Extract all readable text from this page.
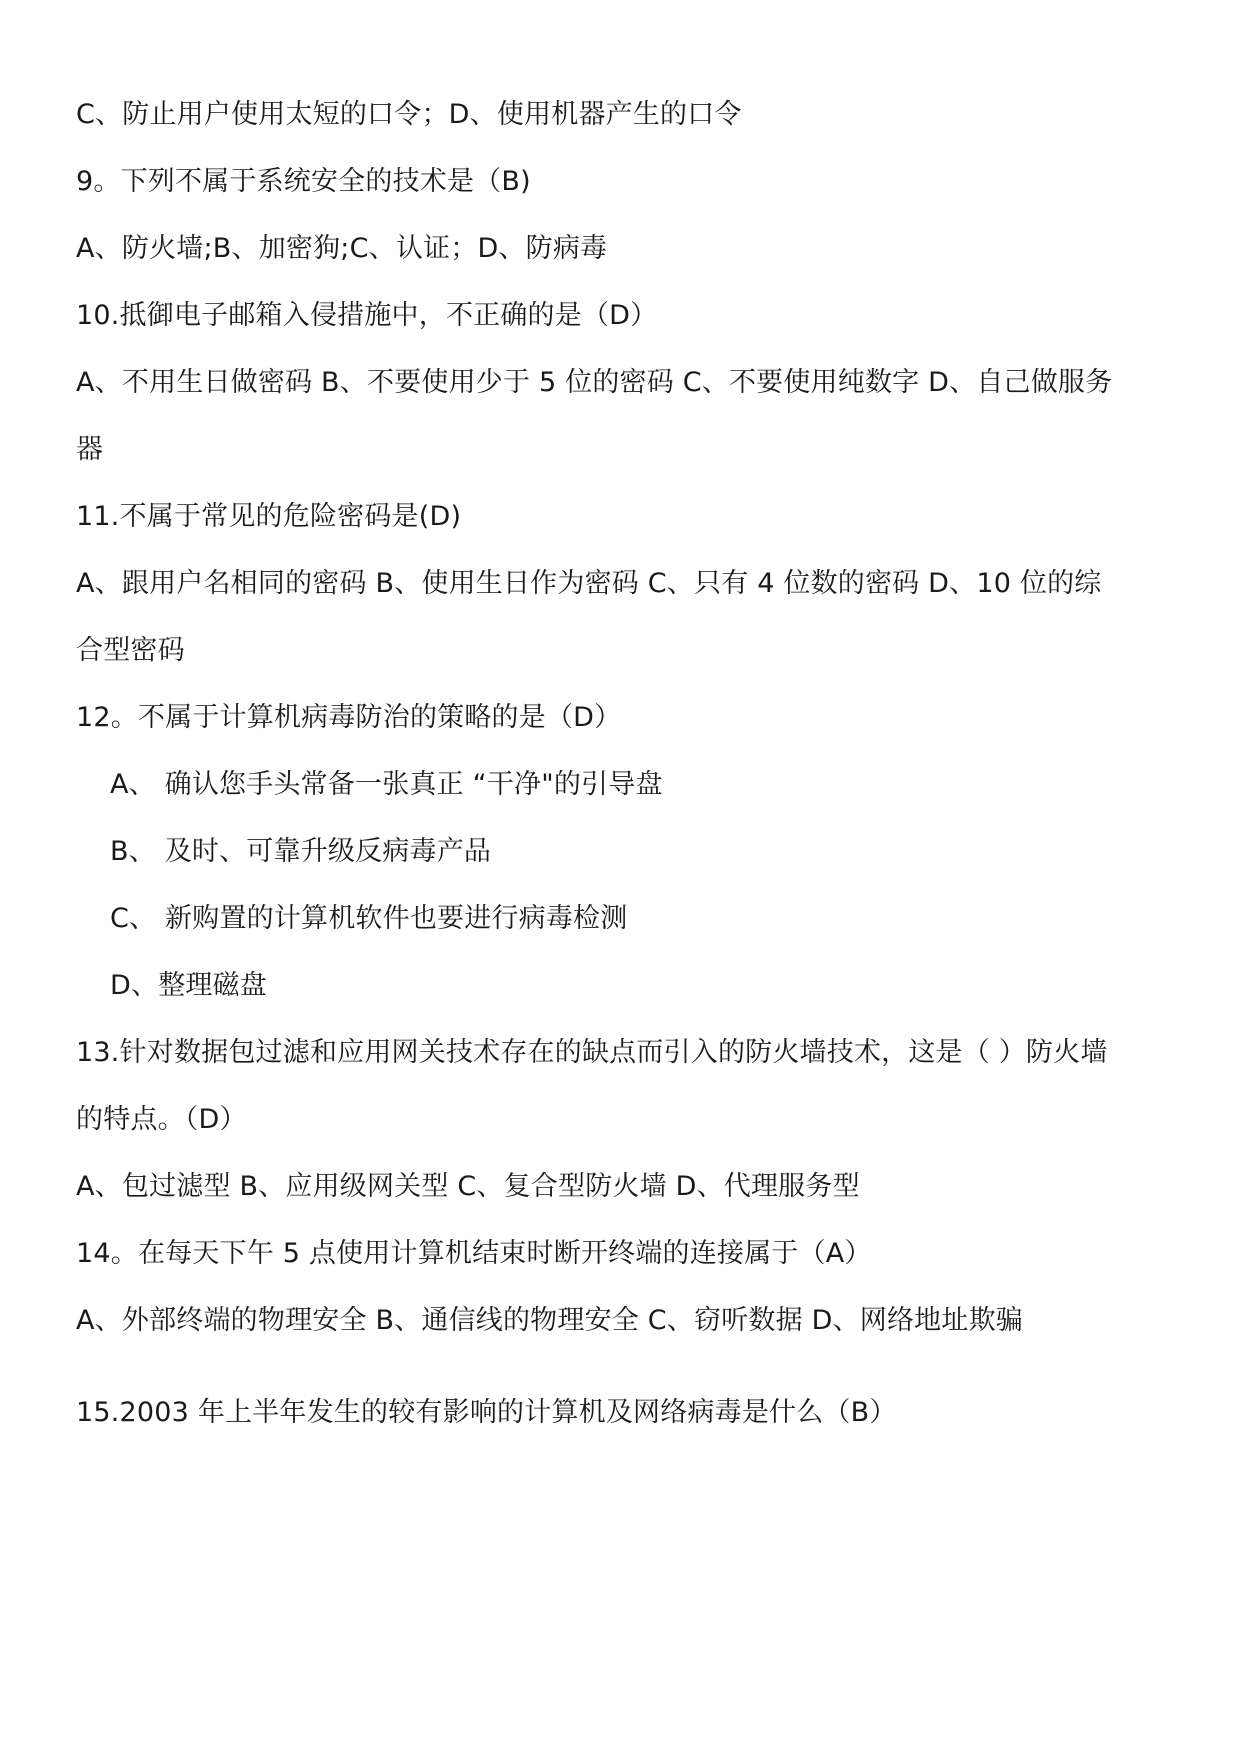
C、防止用户使用太短的口令；D、使用机器产生的口令
9。下列不属于系统安全的技术是（B)
A、防火墙;B、加密狗;C、认证；D、防病毒
10.抵御电子邮箱入侵措施中，不正确的是（D）
A、不用生日做密码 B、不要使用少于 5 位的密码 C、不要使用纯数字 D、自己做服务
器
11.不属于常见的危险密码是(D)
A、跟用户名相同的密码 B、使用生日作为密码 C、只有 4 位数的密码 D、10 位的综
合型密码
12。不属于计算机病毒防治的策略的是（D）
A、 确认您手头常备一张真正 “干净"的引导盘
B、 及时、可靠升级反病毒产品
C、 新购置的计算机软件也要进行病毒检测
D、整理磁盘
13.针对数据包过滤和应用网关技术存在的缺点而引入的防火墙技术，这是（ ）防火墙
的特点。（D）
A、包过滤型 B、应用级网关型 C、复合型防火墙 D、代理服务型
14。在每天下午 5 点使用计算机结束时断开终端的连接属于（A）
A、外部终端的物理安全 B、通信线的物理安全 C、窃听数据 D、网络地址欺骗
15.2003 年上半年发生的较有影响的计算机及网络病毒是什么（B）
